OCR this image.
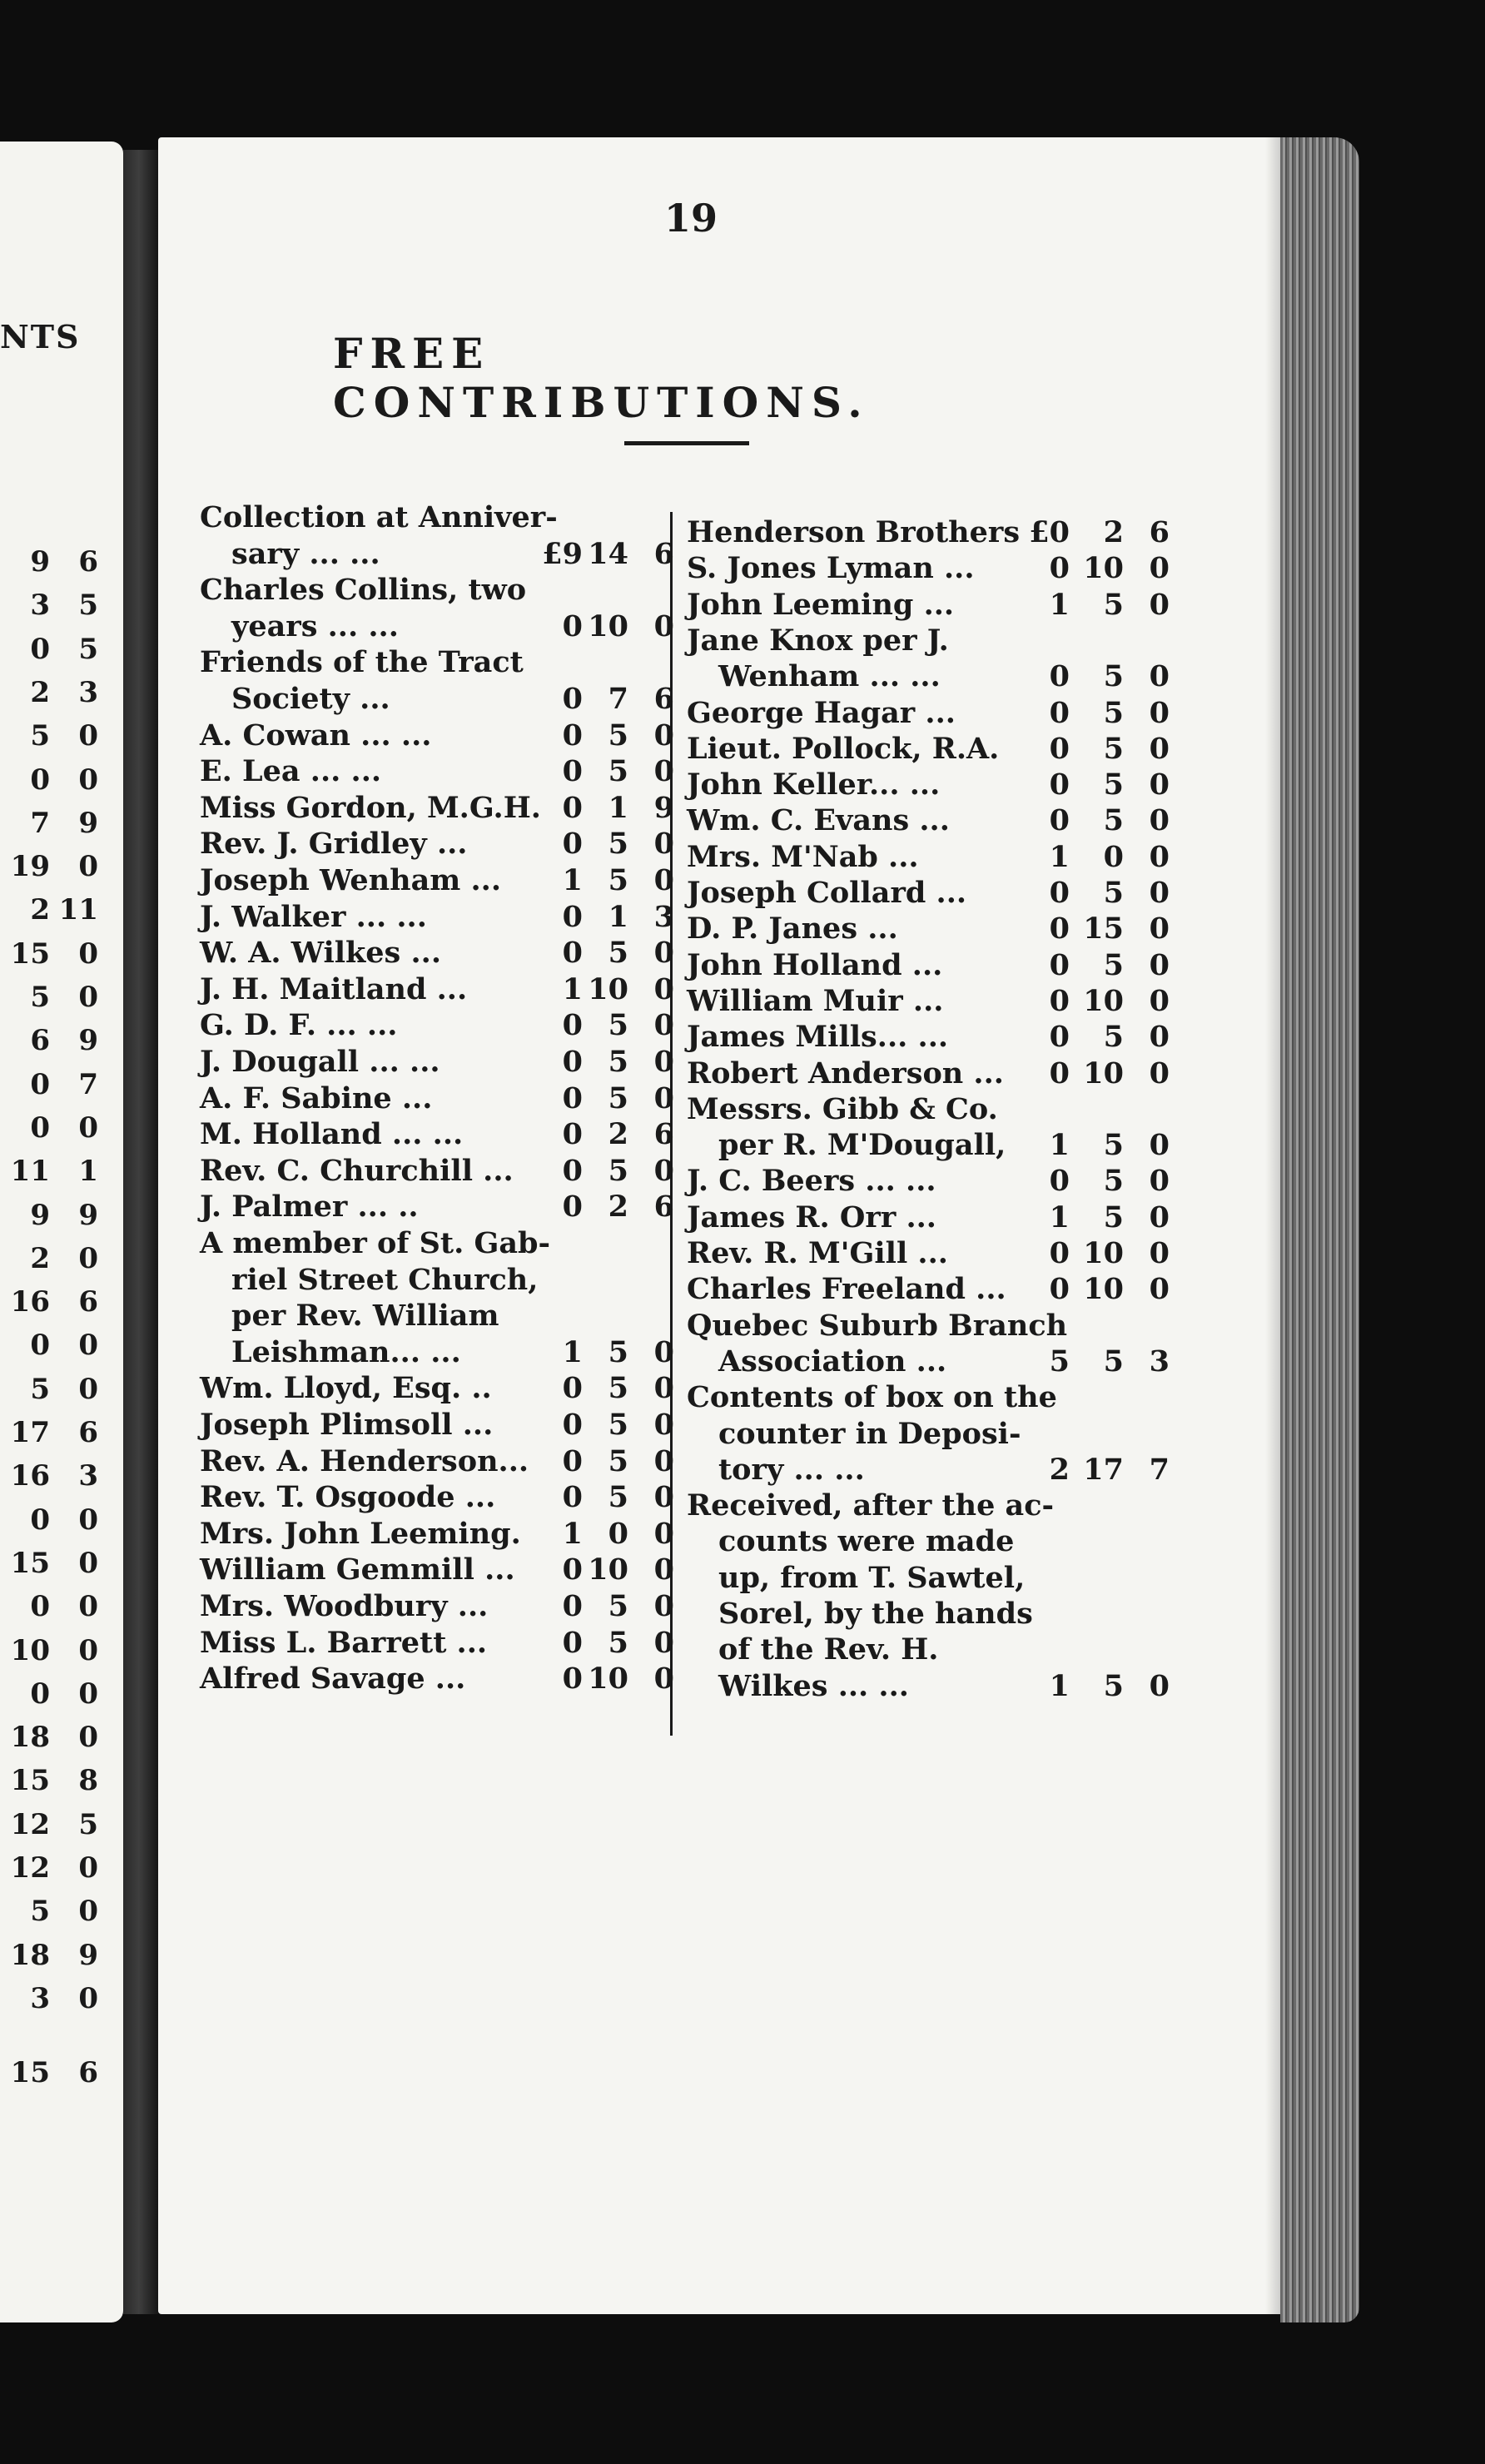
NTS
9 6
3 5
0 5
2 3
5 0
0 0
7 9
19 0
2 11
15 0
5 0
6 9
0 7
0 0
11 1
9 9
2 0
16 6
0 0
5 0
17 6
16 3
0 0
15 0
0 0
10 0
0 0
18 0
15 8
12 5
12 0
5 0
18 9
3 0
15 6
19
FREE CONTRIBUTIONS.
Collection at Anniver-
sary ... ...	£9 14 6
Charles Collins, two
years ... ...	0 10 0
Friends of the Tract
Society ...	0 7 6
A. Cowan ... ...	0 5 0
E. Lea ... ...	0 5 0
Miss Gordon, M.G.H. 0 1 9
Rev. J. Gridley ...	0 5 0
Joseph Wenham ...	1 5 0
J. Walker ... ...	0 1 3
W. A. Wilkes ...	0 5 0
J. H. Maitland ...	1 10 0
G. D. F. ... ...	0 5 0
J. Dougall ... ...	0 5 0
A. F. Sabine ...	0 5 0
M. Holland ... ...	0 2 6
Rev. C. Churchill ...	0 5 0
J. Palmer ... ..	0 2 6
A member of St. Gab-
riel Street Church,
per Rev. William
Leishman... ...	1 5 0
Wm. Lloyd, Esq. ..	0 5 0
Joseph Plimsoll ...	0 5 0
Rev. A. Henderson...	0 5 0
Rev. T. Osgoode ...	0 5 0
Mrs. John Leeming.	1 0 0
William Gemmill ...	0 10 0
Mrs. Woodbury ...	0 5 0
Miss L. Barrett ...	0 5 0
Alfred Savage ...	0 10 0
Henderson Brothers £0	2 6
S. Jones Lyman ...	0 10 0
John Leeming ...	1	5 0
Jane Knox per J.
Wenham ... ...	0	5 0
George Hagar ...	0	5 0
Lieut. Pollock, R.A.	0	5 0
John Keller... ...	0	5 0
Wm. C. Evans ...	0	5 0
Mrs. M'Nab ...	1	0 0
Joseph Collard ...	0	5 0
D. P. Janes ...	0 15 0
John Holland ...	0	5 0
William Muir ...	0 10 0
James Mills... ...	0	5 0
Robert Anderson ...	0 10 0
Messrs. Gibb & Co.
per R. M'Dougall,	1	5 0
J. C. Beers ... ...	0	5 0
James R. Orr ...	1	5 0
Rev. R. M'Gill ...	0 10 0
Charles Freeland ...	0 10 0
Quebec Suburb Branch
Association ...	5	5 3
Contents of box on the
counter in Deposi-
tory ... ...	2 17 7
Received, after the ac-
counts were made
up, from T. Sawtel,
Sorel, by the hands
of the Rev. H.
Wilkes ... ...	1	5 0
